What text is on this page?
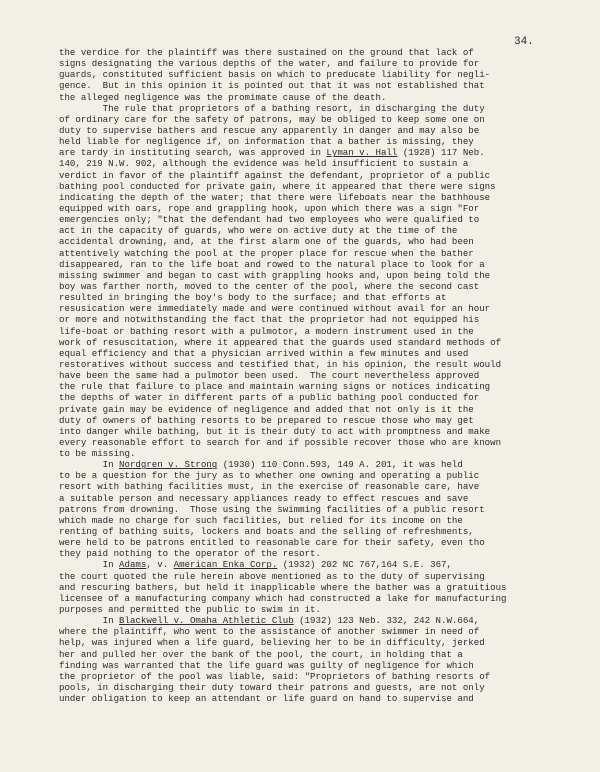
34.
the verdice for the plaintiff was there sustained on the ground that lack of
signs designating the various depths of the water, and failure to provide for
guards, constituted sufficient basis on which to preducate liability for negli-
gence.  But in this opinion it is pointed out that it was not established that
the alleged negligence was the promimate cause of the death.
The rule that proprietors of a bathing resort, in discharging the duty
of ordinary care for the safety of patrons, may be obliged to keep some one on
duty to supervise bathers and rescue any apparently in danger and may also be
held liable for negligence if, on information that a bather is missing, they
are tardy in instituting search, was approved in Lyman v. Hall (1928) 117 Neb.
140, 219 N.W. 902, although the evidence was held insufficient to sustain a
verdict in favor of the plaintiff against the defendant, proprietor of a public
bathing pool conducted for private gain, where it appeared that there were signs
indicating the depth of the water; that there were lifeboats near the bathhouse
equipped with oars, rope and grappling hook, upon which there was a sign "For
emergencies only; "that the defendant had two employees who were qualified to
act in the capacity of guards, who were on active duty at the time of the
accidental drowning, and, at the first alarm one of the guards, who had been
attentively watching the pool at the proper place for rescue when the bather
disappeared, ran to the life boat and rowed to the natural place to look for a
missing swimmer and began to cast with grappling hooks and, upon being told the
boy was farther north, moved to the center of the pool, where the second cast
resulted in bringing the boy's body to the surface; and that efforts at
resusication were immediately made and were continued without avail for an hour
or more and notwithstanding the fact that the proprietor had not equipped his
life-boat or bathing resort with a pulmotor, a modern instrument used in the
work of resuscitation, where it appeared that the guards used standard methods of
equal efficiency and that a physician arrived within a few minutes and used
restoratives without success and testified that, in his opinion, the result would
have been the same had a pulmotor been used.  The court nevertheless approved
the rule that failure to place and maintain warning signs or notices indicating
the depths of water in different parts of a public bathing pool conducted for
private gain may be evidence of negligence and added that not only is it the
duty of owners of bathing resorts to be prepared to rescue those who may get
into danger while bathing, but it is their duty to act with promptness and make
every reasonable effort to search for and if possible recover those who are known
to be missing.
In Nordgren v. Strong (1930) 110 Conn.593, 149 A. 201, it was held
to be a question for the jury as to whether one owning and operating a public
resort with bathing facilities must, in the exercise of reasonable care, have
a suitable person and necessary appliances ready to effect rescues and save
patrons from drowning.  Those using the swimming facilities of a public resort
which made no charge for such facilities, but relied for its income on the
renting of bathing suits, lockers and boats and the selling of refreshments,
were held to be patrons entitled to reasonable care for their safety, even tho
they paid nothing to the operator of the resort.
In Adams, v. American Enka Corp. (1932) 202 NC 767,164 S.E. 367,
the court quoted the rule herein above mentioned as to the duty of supervising
and rescuring bathers, but held it inapplicable where the bather was a gratuitious
licensee of a manufacturing company which had constructed a lake for manufacturing
purposes and permitted the public to swim in it.
In Blackwell v. Omaha Athletic Club (1932) 123 Neb. 332, 242 N.W.664,
where the plaintiff, who went to the assistance of another swimmer in need of
help, was injured when a life guard, believing her to be in difficulty, jerked
her and pulled her over the bank of the pool, the court, in holding that a
finding was warranted that the life guard was guilty of negligence for which
the proprietor of the pool was liable, said: "Proprietors of bathing resorts of
pools, in discharging their duty toward their patrons and guests, are not only
under obligation to keep an attendant or life guard on hand to supervise and
